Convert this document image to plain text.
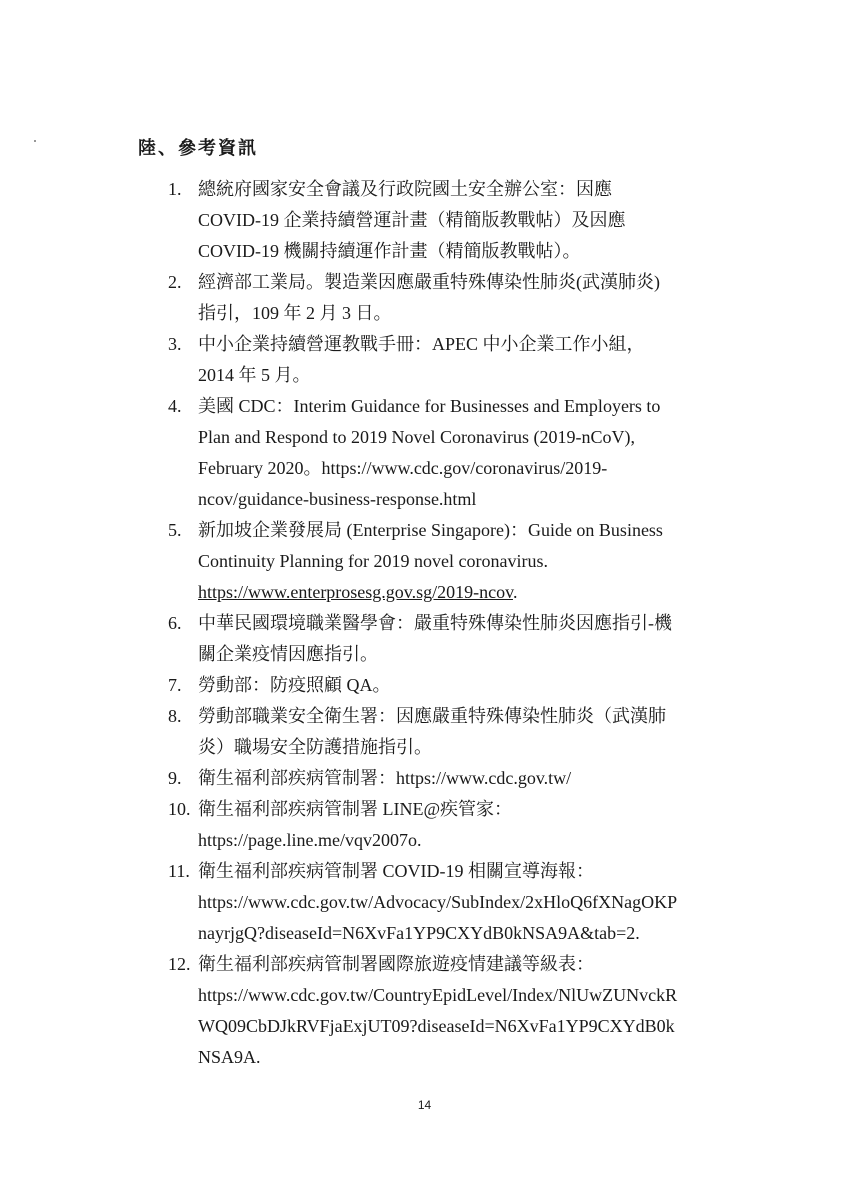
陸、參考資訊
1. 總統府國家安全會議及行政院國土安全辦公室：因應
COVID-19 企業持續營運計畫（精簡版教戰帖）及因應
COVID-19 機關持續運作計畫（精簡版教戰帖）。
2. 經濟部工業局。製造業因應嚴重特殊傳染性肺炎(武漢肺炎)
指引，109 年 2 月 3 日。
3. 中小企業持續營運教戰手冊：APEC 中小企業工作小組，
2014 年 5 月。
4. 美國 CDC：Interim Guidance for Businesses and Employers to
Plan and Respond to 2019 Novel Coronavirus (2019-nCoV),
February 2020。https://www.cdc.gov/coronavirus/2019-
ncov/guidance-business-response.html
5. 新加坡企業發展局 (Enterprise Singapore)：Guide on Business
Continuity Planning for 2019 novel coronavirus.
https://www.enterprosesg.gov.sg/2019-ncov.
6. 中華民國環境職業醫學會：嚴重特殊傳染性肺炎因應指引-機
關企業疫情因應指引。
7. 勞動部：防疫照顧 QA。
8. 勞動部職業安全衛生署：因應嚴重特殊傳染性肺炎（武漢肺
炎）職場安全防護措施指引。
9. 衛生福利部疾病管制署：https://www.cdc.gov.tw/
10. 衛生福利部疾病管制署 LINE@疾管家：
https://page.line.me/vqv2007o.
11. 衛生福利部疾病管制署 COVID-19 相關宣導海報：
https://www.cdc.gov.tw/Advocacy/SubIndex/2xHloQ6fXNagOKP
nayrjgQ?diseaseId=N6XvFa1YP9CXYdB0kNSA9A&tab=2.
12. 衛生福利部疾病管制署國際旅遊疫情建議等級表：
https://www.cdc.gov.tw/CountryEpidLevel/Index/NlUwZUNvckR
WQ09CbDJkRVFjaExjUT09?diseaseId=N6XvFa1YP9CXYdB0k
NSA9A.
14
